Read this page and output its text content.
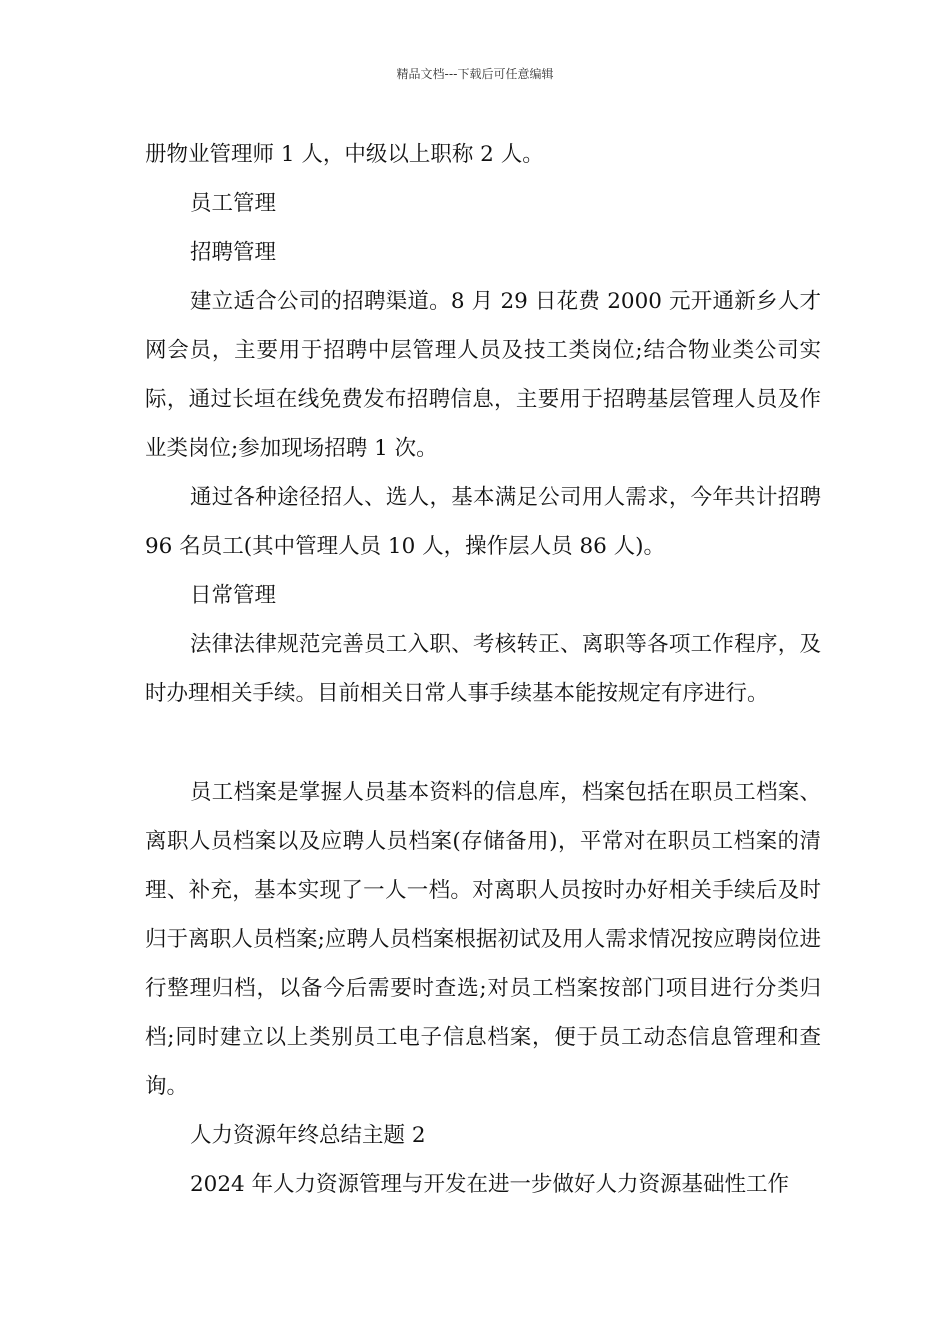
精品文档---下载后可任意编辑

册物业管理师 1 人，中级以上职称 2 人。

员工管理

招聘管理

建立适合公司的招聘渠道。8 月 29 日花费 2000 元开通新乡人才网会员，主要用于招聘中层管理人员及技工类岗位;结合物业类公司实际，通过长垣在线免费发布招聘信息，主要用于招聘基层管理人员及作业类岗位;参加现场招聘 1 次。

通过各种途径招人、选人，基本满足公司用人需求，今年共计招聘 96 名员工(其中管理人员 10 人，操作层人员 86 人)。

日常管理

法律法律规范完善员工入职、考核转正、离职等各项工作程序，及时办理相关手续。目前相关日常人事手续基本能按规定有序进行。

员工档案是掌握人员基本资料的信息库，档案包括在职员工档案、离职人员档案以及应聘人员档案(存储备用)，平常对在职员工档案的清理、补充，基本实现了一人一档。对离职人员按时办好相关手续后及时归于离职人员档案;应聘人员档案根据初试及用人需求情况按应聘岗位进行整理归档，以备今后需要时查选;对员工档案按部门项目进行分类归档;同时建立以上类别员工电子信息档案，便于员工动态信息管理和查询。

人力资源年终总结主题 2

2024 年人力资源管理与开发在进一步做好人力资源基础性工作
